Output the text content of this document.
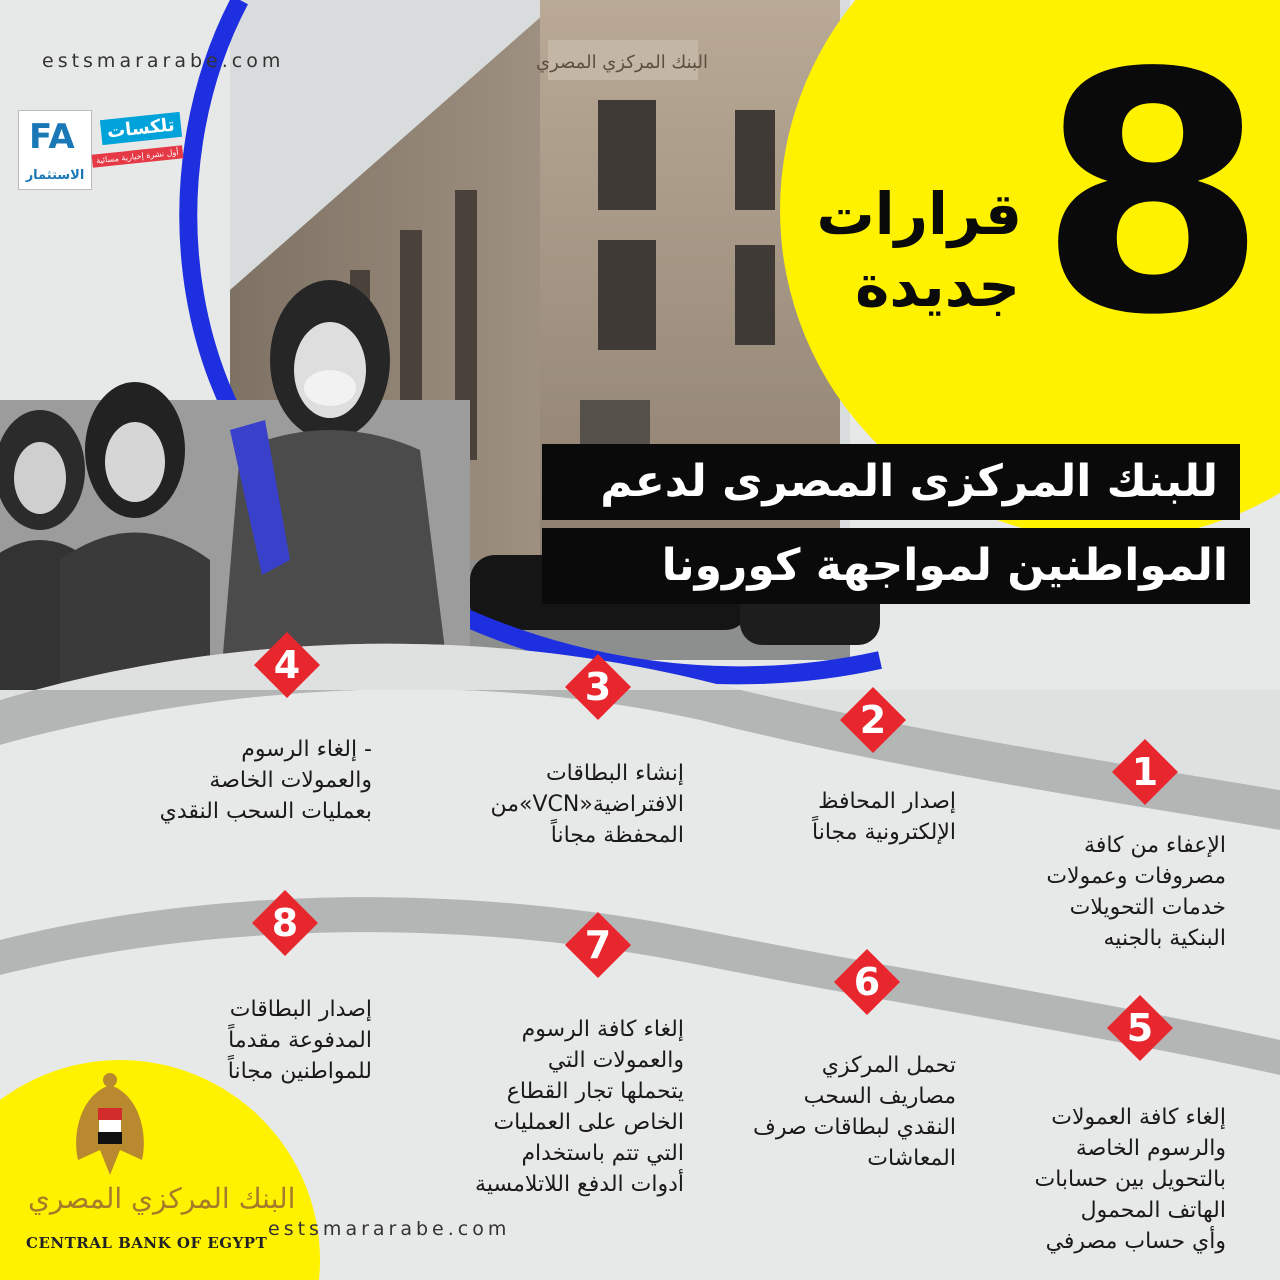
البنك المركزي المصري
estsmararabe.com
FA
الاستثمار
تلكسات
أول نشرة إخبارية مسائية	8
قرارات
جديدة
للبنك المركزى المصرى لدعم
المواطنين لمواجهة كورونا
1
الإعفاء من كافة
مصروفات وعمولات
خدمات التحويلات
البنكية بالجنيه
2
إصدار المحافظ
الإلكترونية مجاناً
3
إنشاء البطاقات
الافتراضية«VCN»من
المحفظة مجاناً
4
- إلغاء الرسوم
والعمولات الخاصة
بعمليات السحب النقدي
5
إلغاء كافة العمولات
والرسوم الخاصة
بالتحويل بين حسابات
الهاتف المحمول
وأي حساب مصرفي
6
تحمل المركزي
مصاريف السحب
النقدي لبطاقات صرف
المعاشات
7
إلغاء كافة الرسوم
والعمولات التي
يتحملها تجار القطاع
الخاص على العمليات
التي تتم باستخدام
أدوات الدفع اللاتلامسية
8
إصدار البطاقات
المدفوعة مقدماً
للمواطنين مجاناً
البنك المركزي المصري
CENTRAL BANK OF EGYPT
estsmararabe.com
